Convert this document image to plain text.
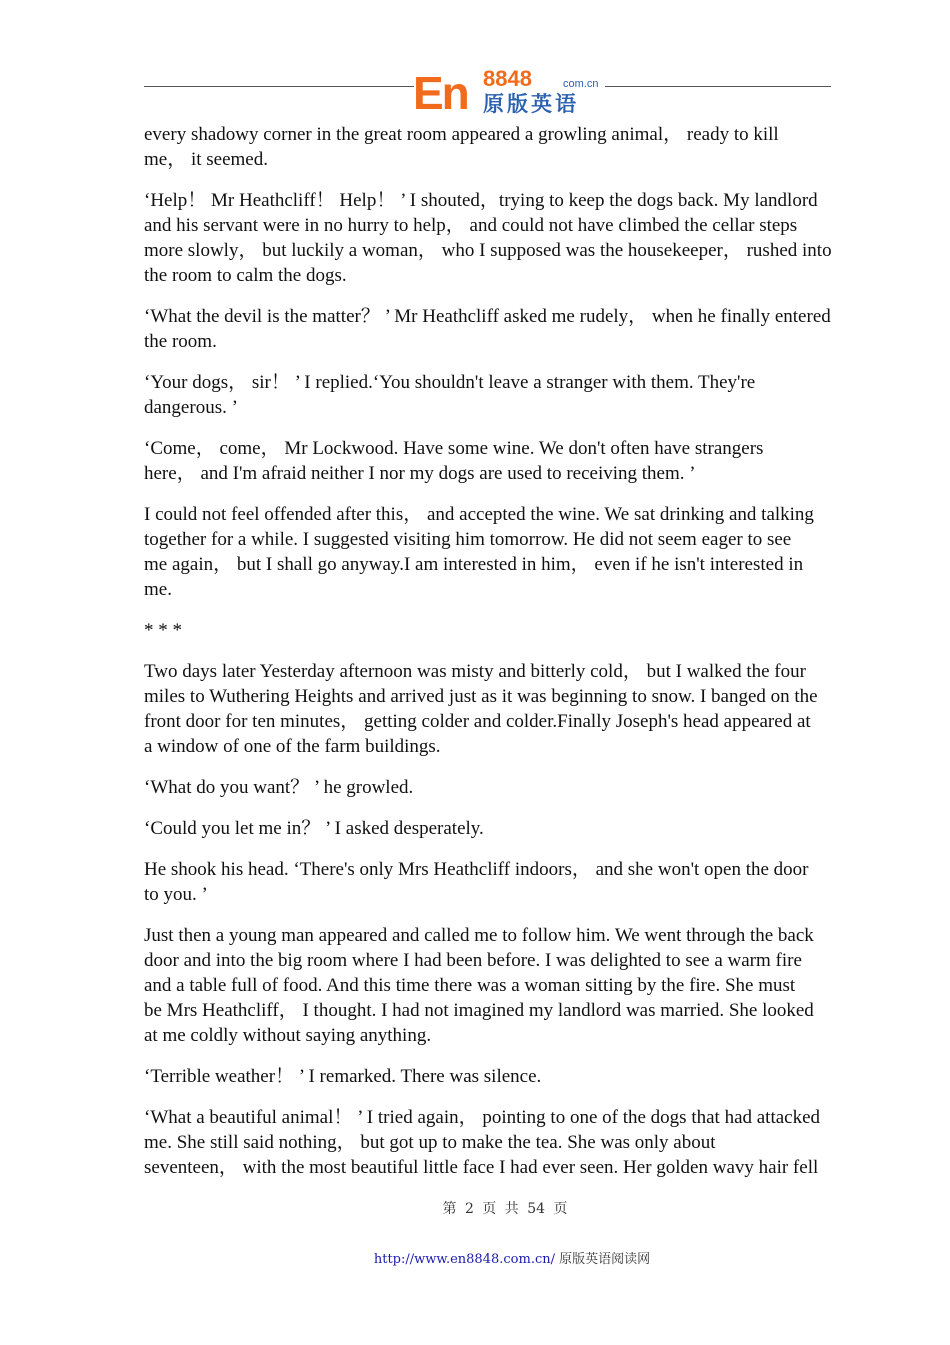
En 8848	com.cn
原版英语

every shadowy corner in the great room appeared a growling animal， ready to kill
me， it seemed.

‘Help！ Mr Heathcliff！ Help！ ’ I shouted，trying to keep the dogs back. My landlord
and his servant were in no hurry to help， and could not have climbed the cellar steps
more slowly， but luckily a woman， who I supposed was the housekeeper， rushed into
the room to calm the dogs.

‘What the devil is the matter？ ’ Mr Heathcliff asked me rudely， when he finally entered
the room.

‘Your dogs， sir！ ’ I replied.‘You shouldn't leave a stranger with them. They're
dangerous. ’

‘Come， come， Mr Lockwood. Have some wine. We don't often have strangers
here， and I'm afraid neither I nor my dogs are used to receiving them. ’

I could not feel offended after this， and accepted the wine. We sat drinking and talking
together for a while. I suggested visiting him tomorrow. He did not seem eager to see
me again， but I shall go anyway.I am interested in him， even if he isn't interested in
me.

* * *

Two days later Yesterday afternoon was misty and bitterly cold， but I walked the four
miles to Wuthering Heights and arrived just as it was beginning to snow. I banged on the
front door for ten minutes， getting colder and colder.Finally Joseph's head appeared at
a window of one of the farm buildings.

‘What do you want？ ’ he growled.

‘Could you let me in？ ’ I asked desperately.

He shook his head. ‘There's only Mrs Heathcliff indoors， and she won't open the door
to you. ’

Just then a young man appeared and called me to follow him. We went through the back
door and into the big room where I had been before. I was delighted to see a warm fire
and a table full of food. And this time there was a woman sitting by the fire. She must
be Mrs Heathcliff， I thought. I had not imagined my landlord was married. She looked
at me coldly without saying anything.

‘Terrible weather！ ’ I remarked. There was silence.

‘What a beautiful animal！ ’ I tried again， pointing to one of the dogs that had attacked
me. She still said nothing， but got up to make the tea. She was only about
seventeen， with the most beautiful little face I had ever seen. Her golden wavy hair fell

第 2 页 共 54 页
http://www.en8848.com.cn/ 原版英语阅读网
